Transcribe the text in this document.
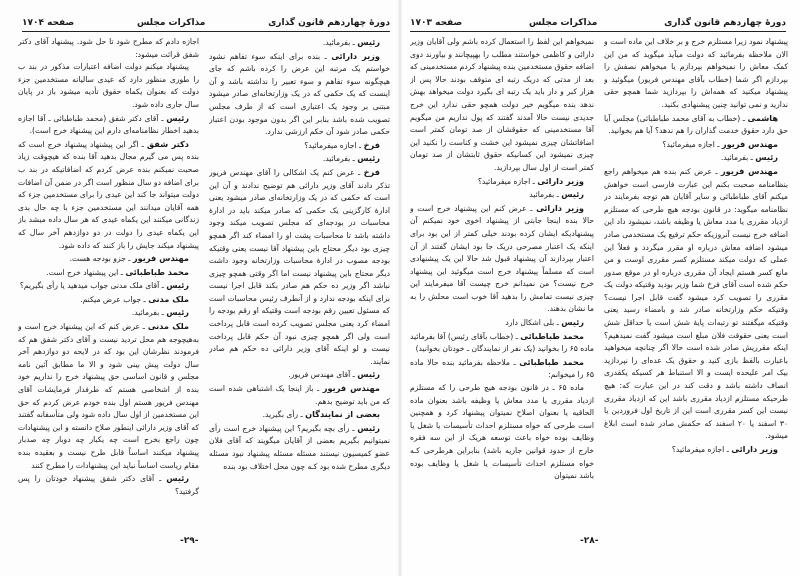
دورهٔ چهاردهم قانون گذاری
مذاکرات مجلس
صفحه ۱۷۰۴

اجازه دادم که مطرح شود تا حل شود. پیشنهاد آقای دکتر شفق قرائت میشود:

پیشنهاد میکنم دولت اضافه اعتبارات مذکور در بند ب را طوری منظور دارد که عیدی سالیانه مستخدمین جزء دولت که بعنوان یکماه حقوق تأدیه میشود باز در پایان سال جاری داده شود.

رئیس ـ آقای دکتر شفق (محمد طباطبائی ـ آقا اجازه بدهید اخطار نظامنامه‌ای دارم این پیشنهاد خرج است).

دکتر شفق ـ اگر این پیشنهاد پیشنهاد خرج است که بنده پس می گیرم مجال بدهید آقا بنده که هیچوقت زیاد صحبت نمیکنم بنده عرض کردم که اضافاتیکه در بند ب برای اضافه دو سال منظور است اگر در ضمن آن اضافات دولت میتواند جا کند این عیدی را برای مستخدمین جزء که همه آقایان میدانند این مستخدمین جزء با چه حال بدی زندگانی میکنند این یکماه عیدی که هر سال داده میشد باز این یکماه عیدی را دولت در دو دوازدهم آخر سال که پیشنهاد میکند جایش را باز کنند که داده شود.

مهندس فریور ـ جزو بودجه هست.

محمد طباطبائی ـ این پیشنهاد خرج است.

رئیس ـ آقای ملک مدنی جواب میدهید یا رأی بگیریم؟

ملک مدنی ـ جواب عرض میکنم.

رئیس ـ بفرمائید.

ملک مدنی ـ عرض کنم که این پیشنهاد خرج است و به‌هیچوجه هم محل تردید نیست و آقای دکتر شفق هم که فرمودند نظرشان این بود که در لایحه دو دوازدهم آخر سال دولت پیش بینی شود و الا ما مطابق آئین نامه مجلس و قانون اساسی حق پیشنهاد خرج را نداریم خود بنده از اشخاصی هستم که طرفدار فرمایشات آقای مهندس فریور هستم اول بنده خودم عرض کردم که حق این مستخدمین از اول سال داده شود ولی متأسفانه گفتند که آقای وزیر دارائی اینطور صلاح دانسته و این پیشنهادات چون راجع بخرج است چه یکبار چه دوبار چه صدبار پیشنهاد میکنند اساساً قابل طرح نیست و بعقیده بنده مقام ریاست اساساً نباید این پیشنهادات را مطرح کنند

رئیس ـ آقای دکتر شفق پیشنهاد خودتان را پس گرفتید؟

رئیس ـ بفرمائید.

وزیر دارائی ـ بنده برای اینکه سوء تفاهم نشود خواستم یک مرتبه این عرض را کرده باشم که جای هیچگونه سوء تفاهم و سوء تعبیر را نداشته باشد و آن اینست که یک حکمی که در یک وزارتخانه‌ای صادر میشود مبتنی بر وجود یک اعتباری است که از طرف مجلس تصویب شده باشد بنابر این اگر بدون موجود بودن اعتبار حکمی صادر شود آن حکم ارزشی ندارد.

فرخ ـ اجازه میفرمائید؟

رئیس ـ بفرمائید.

فرخ ـ عرض کنم یک اشکالی را آقای مهندس فریور تذکر دادند آقای وزیر دارائی هم توضیح ندادند و آن این است که حکمی که در یک وزارتخانه‌ای صادر میشود یعنی ادارهٔ کارگزینی یک حکمی که صادر میکند باید در ادارهٔ محاسبات در بودجه‌ای که مجلس تصویب میکند وجود داشته باشد تا محاسبات پشت او را امضاء کند اگر همچو چیزی بود دیگر محتاج باین پیشنهاد آقا نیست یعنی وقتیکه بودجه مصوب در ادارهٔ محاسبات وزارتخانه وجود داشت دیگر محتاج باین پیشنهاد نیست اما اگر وقتی همچو چیزی نباشد اگر وزیر ده حکم هم صادر بکند قابل اجرا نیست برای اینکه بودجه ندارد و از آنطرف رئیس محاسبات است که مسئول تعیین رقم بودجه است وقتیکه او رقم بودجه را امضاء کرد یعنی مجلس تصویب کرده است قابل پرداخت است ولی اگر همچو چیزی نبود آن حکم قابل پرداخت نیست و لو اینکه آقای وزیر دارائی ده حکم هم صادر نمایند.

رئیس ـ آقای مهندس فریور.

مهندس فریور ـ باز اینجا یک اشتباهی شده است که من باید توضیح بدهم.

بعضی از نمایندگان ـ رأی بگیرید.

رئیس ـ رأی بچه بگیریم؟ این پیشنهاد خرج است رأی نمیتوانیم بگیریم بعضی از آقایان میگویند که آقای فلان عضو کمیسیون نیستند مسئله مسئله پیشنهاد نبود مسئله دیگری مطرح شده بود کـه چون محل اختلاف بود بنده

-۲۹-
دورهٔ چهاردهم قانون گذاری
مذاکرات مجلس
صفحه ۱۷۰۳

نمیخواهم این لفظ را استعمال کرده باشم ولی آقایان وزیر دارائی و کاظمی خواستند مطلب را بهپیچانند و بیاورند دوی اضافه حقوق مستخدمین بنده پیشنهاد کردم مستخدمینی که بعد از مدتی که دریک رتبه ای متوقف بودند حالا پس از هزار کبر و دار باید یک رتبه ای بگیرد دولت میخواهد بهش ندهد بنده میگویم خیر دولت همچو حقی ندارد این خرج جدیدی نیست حالا آمدند گفتند که پول نداریم من میگویم آقا مستخدمینی که حقوقشان از صد تومان کمتر است اضافاتشان چیزی نمیشود این خشت و کناست را نکنید این چیزی نمیشود این کسانیکه حقوق ثابتشان از صد تومان کمتر است از اول سال بپردازید.

وزیر دارائی ـ اجازه میفرمائید؟

رئیس ـ بفرمائید

وزیر دارائی ـ عرض کنم این پیشنهاد خرج است و حالا بنده اینجا جابتی از پیشنهاد اخوی خود نمیکنم آن پیشنهادیکه ایشان کرده بودند خیلی کمتر از این بود برای اینکه یک اعتبار مصرحی دریک جا بود ایشان گفتند از آن اعتبار بپردازند آن پیشنهاد قبول شد حالا این یک پیشنهادی است که مسلماً پیشنهاد خرج است میگوئید این پیشنهاد خرج نیست؟ من نمیدانم خرج چیست آقا میفرمایند این چیزی نیست تمامش را بدهید آقا خوب است محلش را به ما نشان بدهند.

رئیس ـ بلی اشکال دارد

محمد طباطبائی ـ (خطاب بآقای رئیس) آقا بفرمائید ماده ۶۵ را بخوانید (یک نفر از نمایندگان ـ خودتان بخوانید)

محمد طباطبائی ـ ملاحظه بفرمائید بنده حالا ماده ۶۵ را میخوانم:

ماده ۶۵ ـ در قانون بودجه هیچ طرحی را که مستلزم ازدیاد مقرری یا مدد معاش یا وظیفه باشد بعنوان ماده الحاقیه یا بعنوان اصلاح نمیتوان پیشنهاد کرد و همچنین است طرحی که خواه مستلزم احداث تأسیسات یا شغل یا وظایف بوده خواه باعث توسعه هریک از این سه فقره خارج از حدود قوانین جاریه باشد) بنابراین هرطرحی کـه خواه مستلزم احداث تأسیسات یا شغل یا وظایف بوده باشد نمیتوان

پیشنهاد نمود زیرا مستلزم خرج و بر خلاف این ماده است و الان ملاحظه بفرمائید که دولت میآید میگوید که من این کمک معاش را نمیخواهم بپردازم یا میخواهم نصفش را بپردازم اگر شما (خطاب بآقای مهندس فریور) میگوئید و پیشنهاد میکنید که همه‌اش را بپردازید شما همچو حقی ندارید و نمی توانید چنین پیشنهادی بکنید.

هاشمی ـ (خطاب به آقای محمد طباطبائی) مجلس آیا حق دارد حقوق خدمت گذاران را هم ندهد؟ آیا هم بخوانید.

مهندس فریور ـ اجازه میفرمائید؟

رئیس ـ بفرمائید.

مهندس فریور ـ عرض کنم بنده هم میخواهم راجع بنظامنامه صحبت بکنم این عبارت فارسی است خواهش میکنم آقای طباطبائی و سایر آقایان هم توجه بفرمایند در نظامنامه میگوید: در قانون بودجه هیچ طرحی که مستلزم ازدیاد مقرری یا مدد معاش یا وظیفه باشد، نمیشود داد این اضافه خرج نیست آنروزیکه حکم ترفیع یک مستخدمی صادر میشود اضافه معاش درباره او مقرر میگردد و فعلاً این عملی که دولت میکند مستلزم کسر مقرری اوست و من مانع کسر هستم ایجاد آن مقرری درباره او در موقع صدور حکم شده است آقای فرخ شما وزیر بودید وقتیکه دولت یک مقرری را تصویب کرد میشود گفت قابل اجرا نیست؟ وقتیکه حکم وزارتخانه صادر شد و بامضاء رسید یعنی وقتیکه میگفتند تو رتبه‌ات پایهٔ شش است یا حداقل شش است یعنی حقوقت فلان مبلغ است میشود گفت نمیدهیم؟ اینکه مقرریش صادر شده است حالا اگر چنانچه میخواهید باعبارت بالفظ بازی کنید و حقوق یک عده‌ای را نپردازید بیک امر علیحده ایست و الا استنباط هر کسیکه یکقدری انصاف داشته باشد و دقت کند در این عبارت که: هیچ طرحیکه مستلزم ازدیاد مقرری باشد این که ازدیاد مقرری نیست این کسر مقرری است این از تاریخ اول فروردین یا ۳۰ اسفند یا ۲۰ اسفند که حکمش صادر شده است ابلاغ میشود.

وزیر دارائی ـ اجازه میفرمائید؟

-۲۸-
